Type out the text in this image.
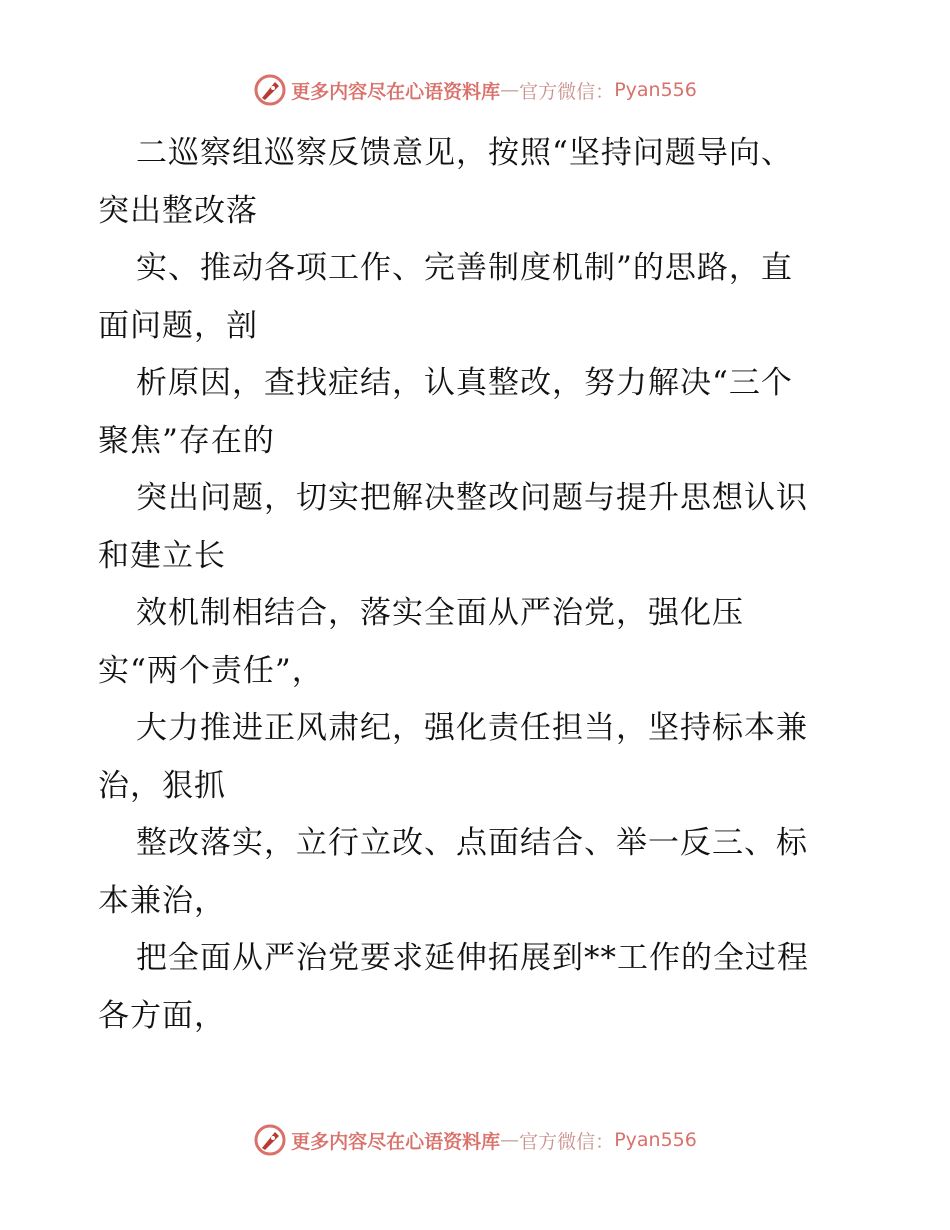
更多内容尽在心语资料库 — 官方微信： Pyan556
二巡察组巡察反馈意见，按照“坚持问题导向、
突出整改落
实、推动各项工作、完善制度机制”的思路，直
面问题，剖
析原因，查找症结，认真整改，努力解决“三个
聚焦”存在的
突出问题，切实把解决整改问题与提升思想认识
和建立长
效机制相结合，落实全面从严治党，强化压
实“两个责任”，
大力推进正风肃纪，强化责任担当，坚持标本兼
治，狠抓
整改落实，立行立改、点面结合、举一反三、标
本兼治，
把全面从严治党要求延伸拓展到**工作的全过程
各方面，
更多内容尽在心语资料库 — 官方微信： Pyan556
